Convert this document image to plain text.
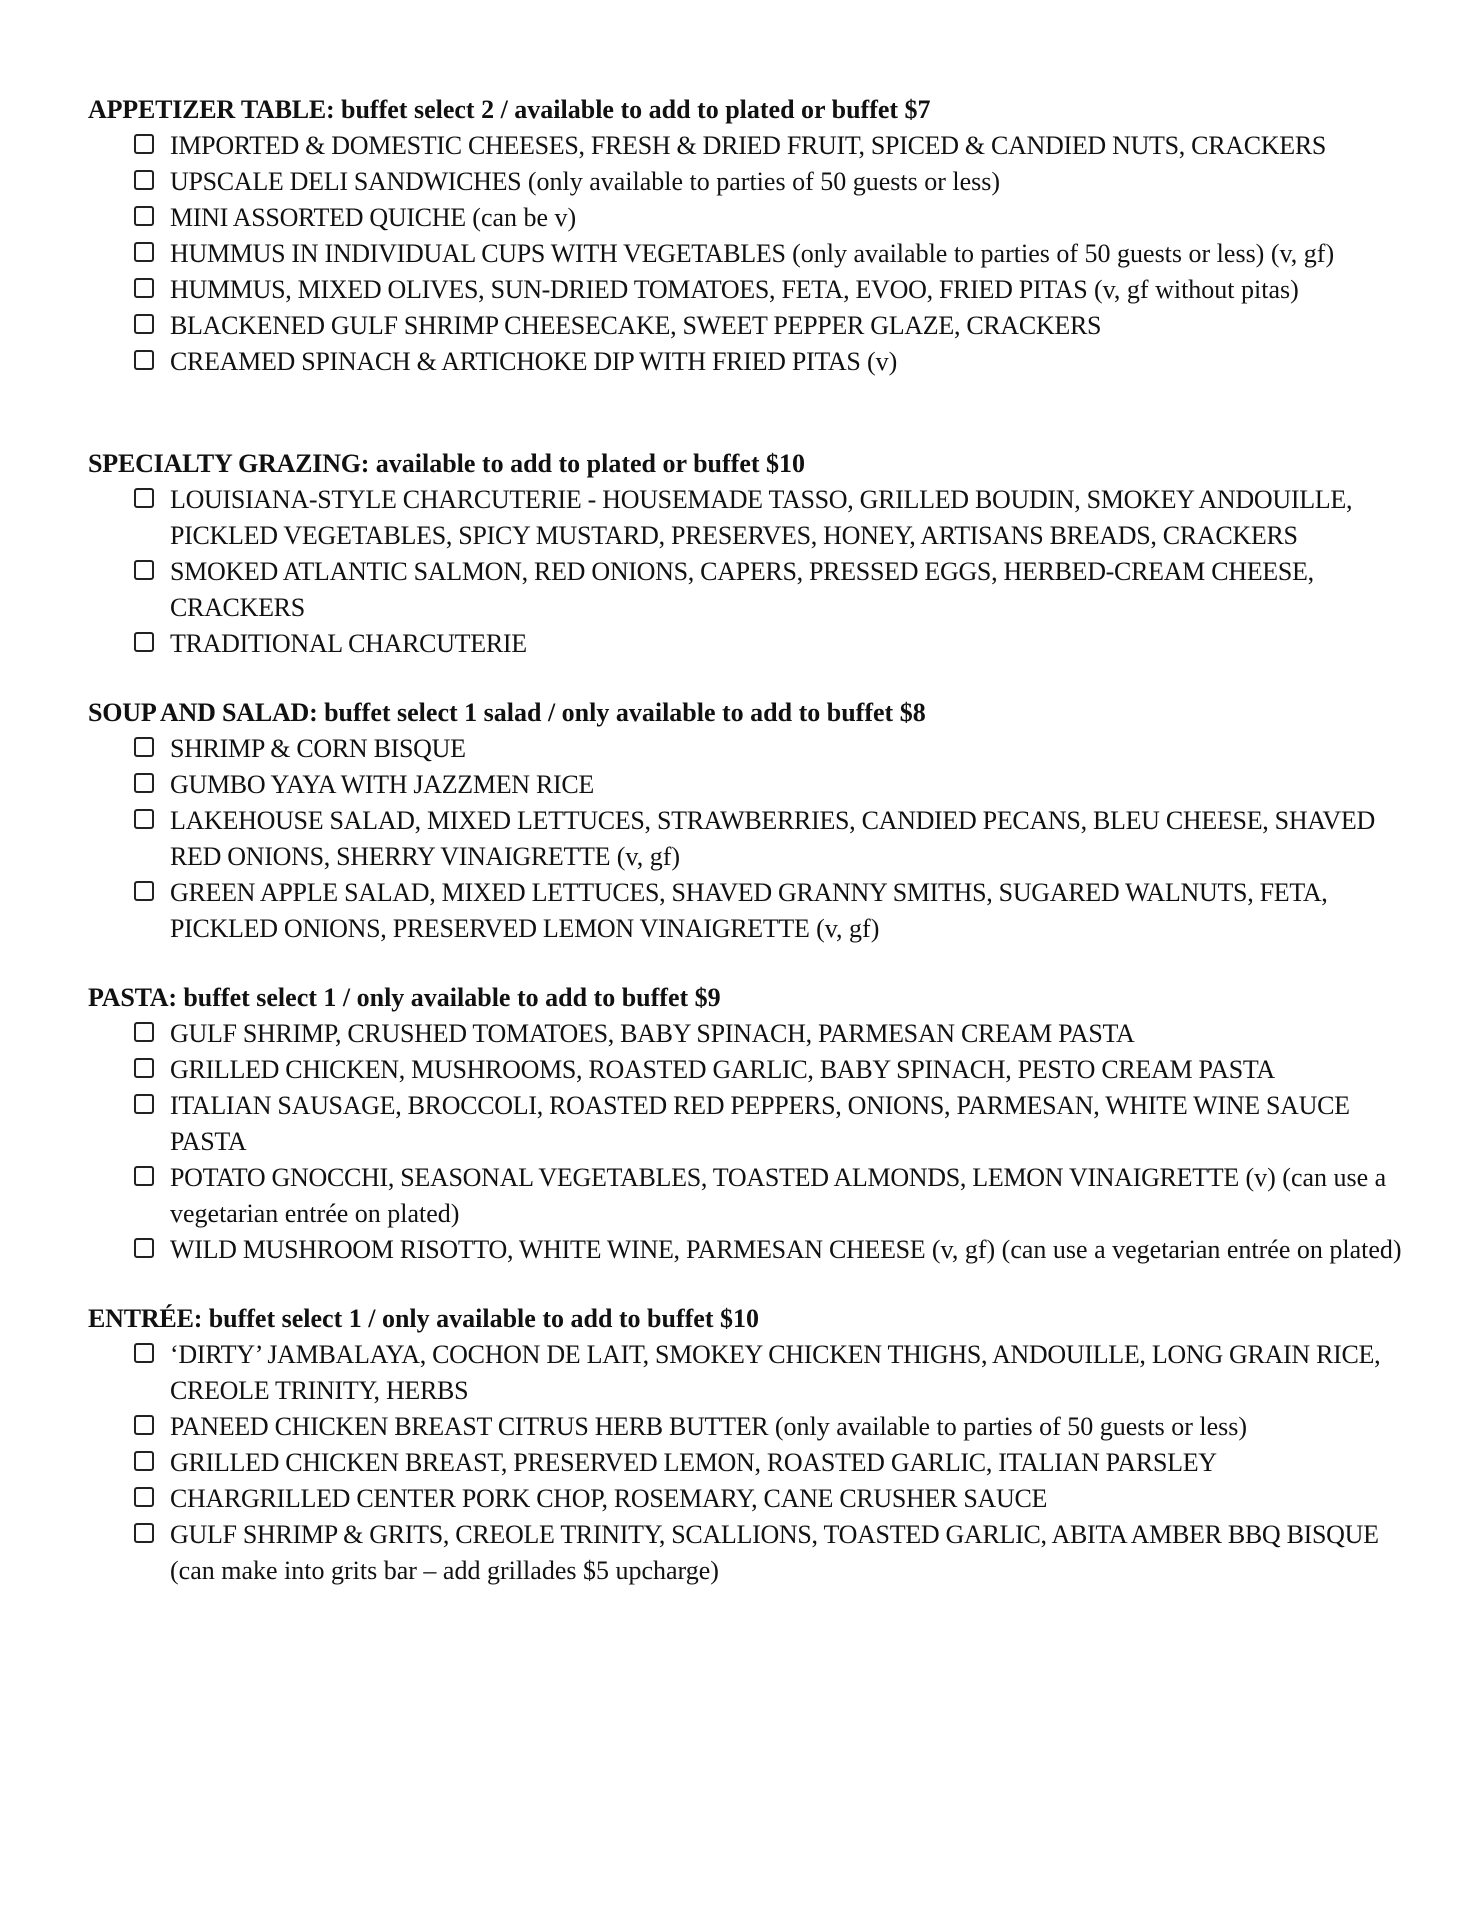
APPETIZER TABLE: buffet select 2 / available to add to plated or buffet $7

IMPORTED & DOMESTIC CHEESES, FRESH & DRIED FRUIT, SPICED & CANDIED NUTS, CRACKERS
UPSCALE DELI SANDWICHES (only available to parties of 50 guests or less)
MINI ASSORTED QUICHE (can be v)
HUMMUS IN INDIVIDUAL CUPS WITH VEGETABLES (only available to parties of 50 guests or less) (v, gf)
HUMMUS, MIXED OLIVES, SUN-DRIED TOMATOES, FETA, EVOO, FRIED PITAS (v, gf without pitas)
BLACKENED GULF SHRIMP CHEESECAKE, SWEET PEPPER GLAZE, CRACKERS
CREAMED SPINACH & ARTICHOKE DIP WITH FRIED PITAS (v)

SPECIALTY GRAZING: available to add to plated or buffet $10

LOUISIANA-STYLE CHARCUTERIE - HOUSEMADE TASSO, GRILLED BOUDIN, SMOKEY ANDOUILLE, PICKLED VEGETABLES, SPICY MUSTARD, PRESERVES, HONEY, ARTISANS BREADS, CRACKERS
SMOKED ATLANTIC SALMON, RED ONIONS, CAPERS, PRESSED EGGS, HERBED-CREAM CHEESE, CRACKERS
TRADITIONAL CHARCUTERIE

SOUP AND SALAD: buffet select 1 salad / only available to add to buffet $8

SHRIMP & CORN BISQUE
GUMBO YAYA WITH JAZZMEN RICE
LAKEHOUSE SALAD, MIXED LETTUCES, STRAWBERRIES, CANDIED PECANS, BLEU CHEESE, SHAVED RED ONIONS, SHERRY VINAIGRETTE (v, gf)
GREEN APPLE SALAD, MIXED LETTUCES, SHAVED GRANNY SMITHS, SUGARED WALNUTS, FETA, PICKLED ONIONS, PRESERVED LEMON VINAIGRETTE (v, gf)

PASTA: buffet select 1 / only available to add to buffet $9

GULF SHRIMP, CRUSHED TOMATOES, BABY SPINACH, PARMESAN CREAM PASTA
GRILLED CHICKEN, MUSHROOMS, ROASTED GARLIC, BABY SPINACH, PESTO CREAM PASTA
ITALIAN SAUSAGE, BROCCOLI, ROASTED RED PEPPERS, ONIONS, PARMESAN, WHITE WINE SAUCE PASTA
POTATO GNOCCHI, SEASONAL VEGETABLES, TOASTED ALMONDS, LEMON VINAIGRETTE (v) (can use a vegetarian entrée on plated)
WILD MUSHROOM RISOTTO, WHITE WINE, PARMESAN CHEESE (v, gf) (can use a vegetarian entrée on plated)

ENTRÉE: buffet select 1 / only available to add to buffet $10

‘DIRTY’ JAMBALAYA, COCHON DE LAIT, SMOKEY CHICKEN THIGHS, ANDOUILLE, LONG GRAIN RICE, CREOLE TRINITY, HERBS
PANEED CHICKEN BREAST CITRUS HERB BUTTER (only available to parties of 50 guests or less)
GRILLED CHICKEN BREAST, PRESERVED LEMON, ROASTED GARLIC, ITALIAN PARSLEY
CHARGRILLED CENTER PORK CHOP, ROSEMARY, CANE CRUSHER SAUCE
GULF SHRIMP & GRITS, CREOLE TRINITY, SCALLIONS, TOASTED GARLIC, ABITA AMBER BBQ BISQUE (can make into grits bar – add grillades $5 upcharge)
